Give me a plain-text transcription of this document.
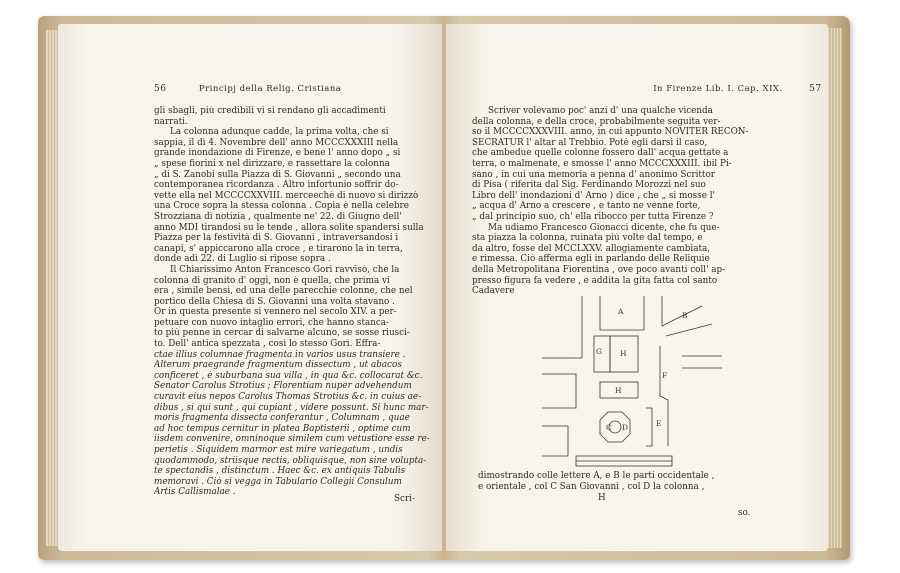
56	Principj della Relig. Cristiana
gli sbagli, più credibili vi si rendano gli accadimenti
narrati.
La colonna adunque cadde, la prima volta, che si
sappia, il dì 4. Novembre dell' anno MCCCXXXIII nella
grande inondazione di Firenze, e bene l' anno dopo „ si
„ spese fiorini x nel dirizzare, e rassettare la colonna
„ di S. Zanobi sulla Piazza di S. Giovanni „ secondo una
contemporanea ricordanza . Altro infortunio soffrir do-
vette ella nel MCCCCXXVIII. merceeché di nuovo si dirizzò
una Croce sopra la stessa colonna . Copia è nella celebre
Strozziana di notizia , qualmente ne' 22. di Giugno dell'
anno MDI tirandosi su le tende , allora solite spandersi sulla
Piazza per la festività di S. Giovanni , intraversandosi i
canapi, s' appiccarono alla croce , e tirarono la in terra,
donde adì 22. di Luglio si ripose sopra .
Il Chiarissimo Anton Francesco Gori ravvisò, che la
colonna di granito d' oggi, non è quella, che prima vi
era , simile bensì, ed una delle parecchie colonne, che nel
portico della Chiesa di S. Giovanni una volta stavano .
Or in questa presente si vennero nel secolo XIV. a per-
petuare con nuovo intaglio errori, che hanno stanca-
to più penne in cercar di salvarne alcuno, se sosse riusci-
to. Dell' antica spezzata , così lo stesso Gori. Effra-
ctae illius columnae fragmenta in varios usus transiere .
Alterum praegrande fragmentum dissectum , ut abacos
conficeret , è suburbana sua villa , in qua &c. collocarat &c.
Senator Carolus Strotius ; Florentiam nuper advehendum
curavit eius nepos Carolus Thomas Strotius &c. in cuius ae-
dibus , si qui sunt , qui cupiant , videre possunt. Si hunc mar-
moris fragmenta dissecta conferantur , Columnam , quae
ad hoc tempus cernitur in platea Baptisterii , optime cum
iisdem convenire, omninoque similem cum vetustiore esse re-
perietis . Siquidem marmor est mire variegatum , undis
quodammodo, striisque rectis, obliquisque, non sine volupta-
te spectandis , distinctum . Haec &c. ex antiquis Tabulis
memoravi . Ciò si vegga in Tabulario Collegii Consulum
Artis Callismalae .
Scri-
In Firenze Lib. I. Cap. XIX.	57
Scriver volevamo poc' anzi d' una qualche vicenda
della colonna, e della croce, probabilmente seguita ver-
so il MCCCCXXXVIII. anno, in cui appunto NOVITER RECON-
SECRATUR l' altar al Trebbio. Potè egli darsi il caso,
che ambedue quelle colonne fossero dall' acqua gettate a
terra, o malmenate, e smosse l' anno MCCCXXXIII. ibil Pi-
sano , in cui una memoria a penna d' anonimo Scrittor
di Pisa ( riferita dal Sig. Ferdinando Morozzi nel suo
Libro dell' inondazioni d' Arno ) dice , che „ si mosse l'
„ acqua d' Arno a crescere , e tanto ne venne forte,
„ dal principio suo, ch' ella ribocco per tutta Firenze ?
Ma udiamo Francesco Gionacci dicente, che fu que-
sta piazza la colonna, ruinata più volte dal tempo, e
da altro, fosse del MCCLXXV. allogiamente cambiata,
e rimessa. Ciò afferma egli in parlando delle Reliquie
della Metropolitana Fiorentina , ove poco avanti coll' ap-
presso figura fa vedere , e addita la gita fatta col santo
Cadavere
A	B
G H
C D	E
F
H
dimostrando colle lettere A, e B le parti occidentale ,
e orientale , col C San Giovanni , col D la colonna ,
H
so.
